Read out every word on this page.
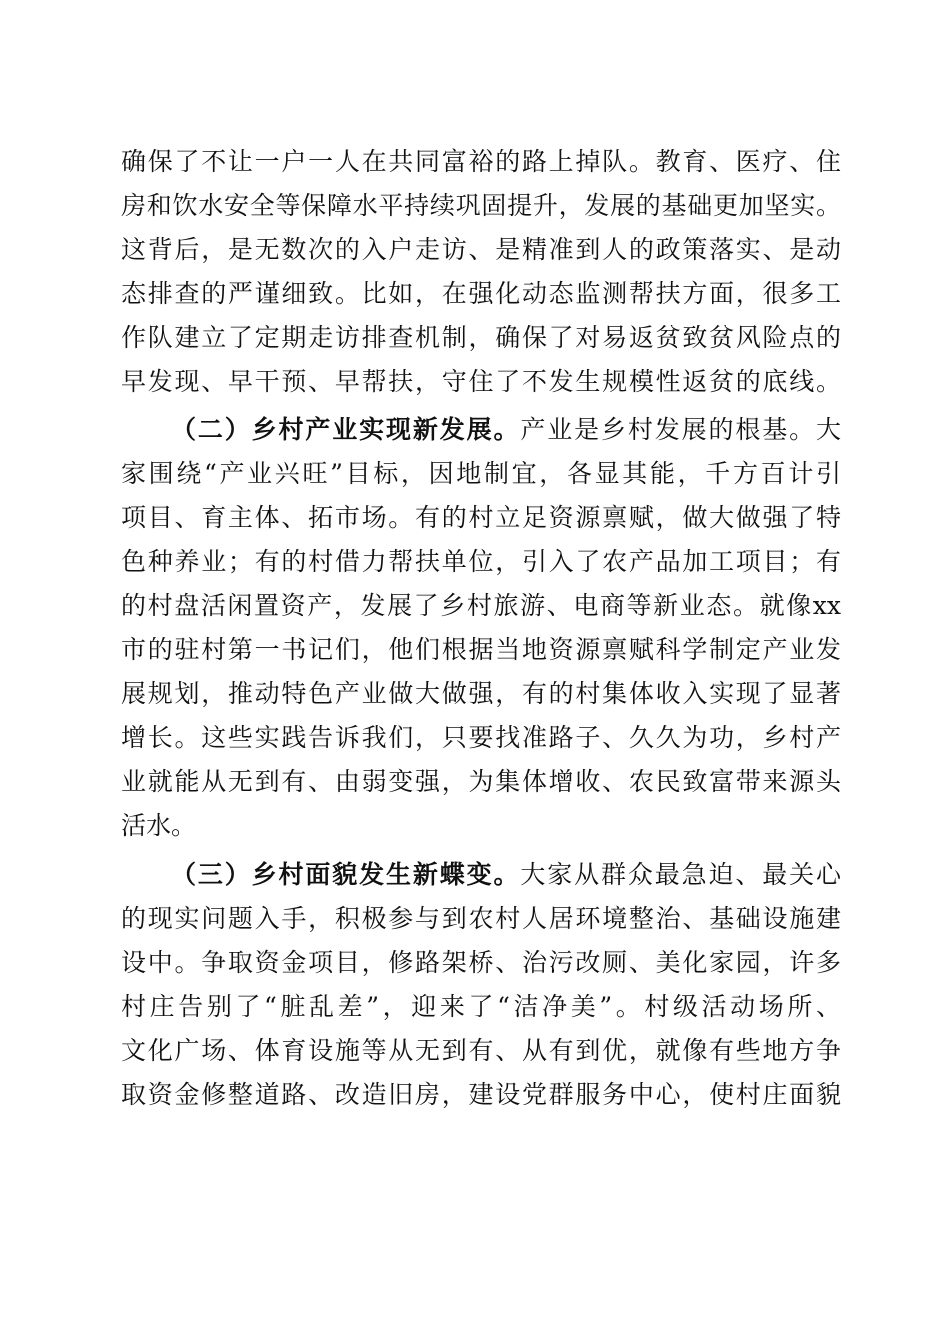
确保了不让一户一人在共同富裕的路上掉队。教育、医疗、住
房和饮水安全等保障水平持续巩固提升，发展的基础更加坚实。
这背后，是无数次的入户走访、是精准到人的政策落实、是动
态排查的严谨细致。比如，在强化动态监测帮扶方面，很多工
作队建立了定期走访排查机制，确保了对易返贫致贫风险点的
早发现、早干预、早帮扶，守住了不发生规模性返贫的底线。
（二）乡村产业实现新发展。产业是乡村发展的根基。大
家围绕“产业兴旺”目标，因地制宜，各显其能，千方百计引
项目、育主体、拓市场。有的村立足资源禀赋，做大做强了特
色种养业；有的村借力帮扶单位，引入了农产品加工项目；有
的村盘活闲置资产，发展了乡村旅游、电商等新业态。就像xx
市的驻村第一书记们，他们根据当地资源禀赋科学制定产业发
展规划，推动特色产业做大做强，有的村集体收入实现了显著
增长。这些实践告诉我们，只要找准路子、久久为功，乡村产
业就能从无到有、由弱变强，为集体增收、农民致富带来源头
活水。
（三）乡村面貌发生新蝶变。大家从群众最急迫、最关心
的现实问题入手，积极参与到农村人居环境整治、基础设施建
设中。争取资金项目，修路架桥、治污改厕、美化家园，许多
村庄告别了“脏乱差”，迎来了“洁净美”。村级活动场所、
文化广场、体育设施等从无到有、从有到优，就像有些地方争
取资金修整道路、改造旧房，建设党群服务中心，使村庄面貌
